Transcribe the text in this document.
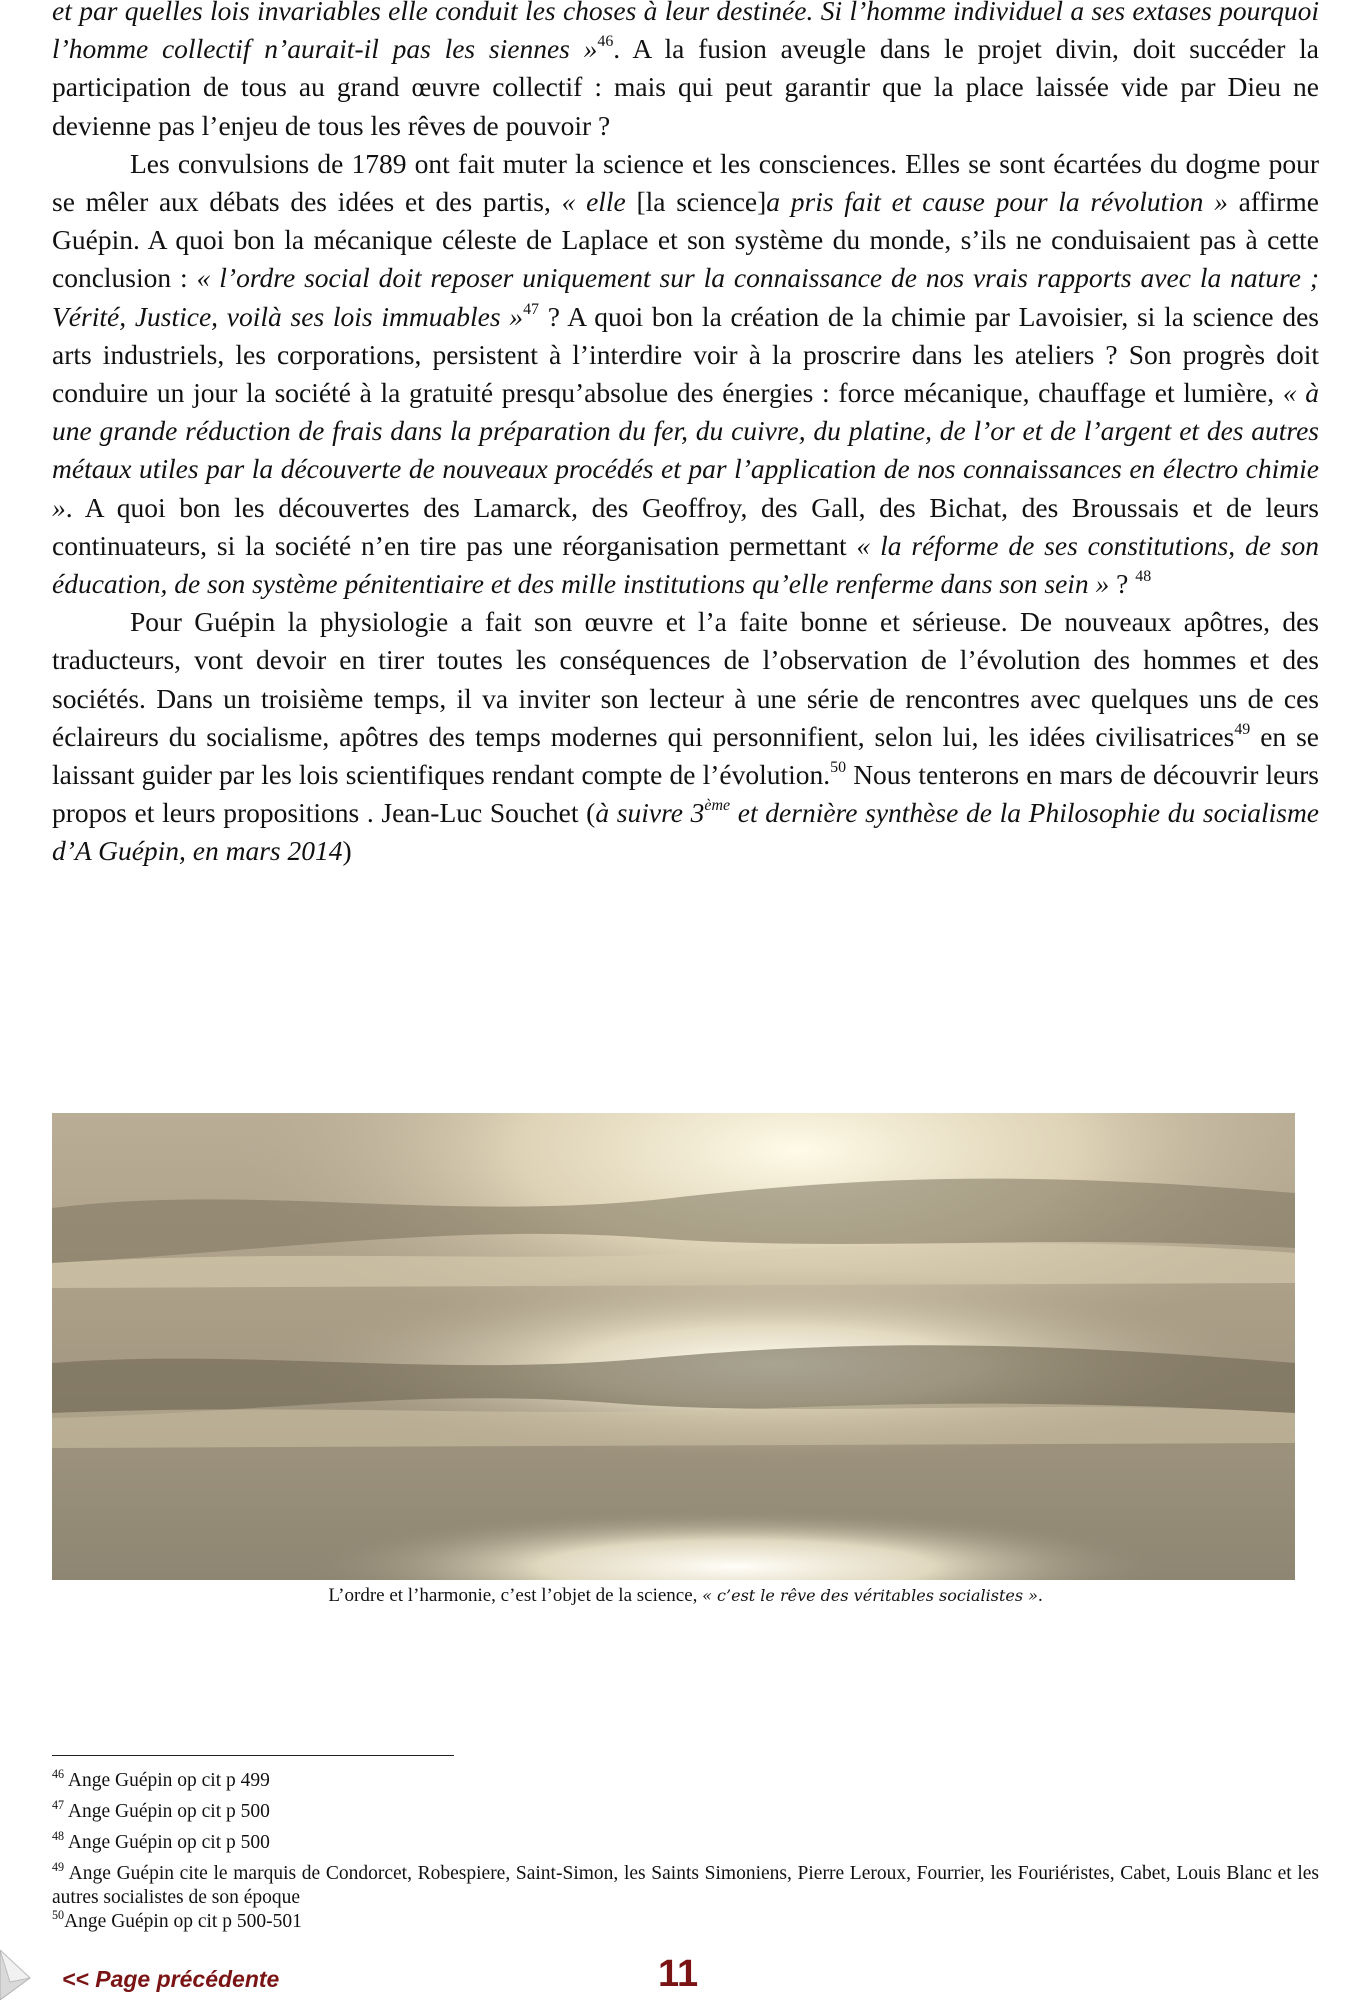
et par quelles lois invariables elle conduit les choses à leur destinée. Si l’homme individuel a ses extases pourquoi l’homme collectif n’aurait-il pas les siennes »$^{46}$. A la fusion aveugle dans le projet divin, doit succéder la participation de tous au grand œuvre collectif : mais qui peut garantir que la place laissée vide par Dieu ne devienne pas l’enjeu de tous les rêves de pouvoir ?

Les convulsions de 1789 ont fait muter la science et les consciences. Elles se sont écartées du dogme pour se mêler aux débats des idées et des partis, « elle [la science]a pris fait et cause pour la révolution » affirme Guépin. A quoi bon la mécanique céleste de Laplace et son système du monde, s’ils ne conduisaient pas à cette conclusion : « l’ordre social doit reposer uniquement sur la connaissance de nos vrais rapports avec la nature ; Vérité, Justice, voilà ses lois immuables »$^{47}$ ? A quoi bon la création de la chimie par Lavoisier, si la science des arts industriels, les corporations, persistent à l’interdire voir à la proscrire dans les ateliers ? Son progrès doit conduire un jour la société à la gratuité presqu’absolue des énergies : force mécanique, chauffage et lumière, « à une grande réduction de frais dans la préparation du fer, du cuivre, du platine, de l’or et de l’argent et des autres métaux utiles par la découverte de nouveaux procédés et par l’application de nos connaissances en électro chimie ». A quoi bon les découvertes des Lamarck, des Geoffroy, des Gall, des Bichat, des Broussais et de leurs continuateurs, si la société n’en tire pas une réorganisation permettant « la réforme de ses constitutions, de son éducation, de son système pénitentiaire et des mille institutions qu’elle renferme dans son sein » ? $^{48}$

Pour Guépin la physiologie a fait son œuvre et l’a faite bonne et sérieuse. De nouveaux apôtres, des traducteurs, vont devoir en tirer toutes les conséquences de l’observation de l’évolution des hommes et des sociétés. Dans un troisième temps, il va inviter son lecteur à une série de rencontres avec quelques uns de ces éclaireurs du socialisme, apôtres des temps modernes qui personnifient, selon lui, les idées civilisatrices$^{49}$ en se laissant guider par les lois scientifiques rendant compte de l’évolution.$^{50}$ Nous tenterons en mars de découvrir leurs propos et leurs propositions . Jean-Luc Souchet (à suivre 3ème et dernière synthèse de la Philosophie du socialisme d’A Guépin, en mars 2014)

L’ordre et l’harmonie, c’est l’objet de la science, « c’est le rêve des véritables socialistes ».

$^{46}$ Ange Guépin op cit p 499

$^{47}$ Ange Guépin op cit p 500

$^{48}$ Ange Guépin op cit p 500

$^{49}$ Ange Guépin cite le marquis de Condorcet, Robespiere, Saint-Simon, les Saints Simoniens, Pierre Leroux, Fourrier, les Fouriéristes, Cabet, Louis Blanc et les autres socialistes de son époque

$^{50}$Ange Guépin op cit p 500-501

<< Page précédente	11
